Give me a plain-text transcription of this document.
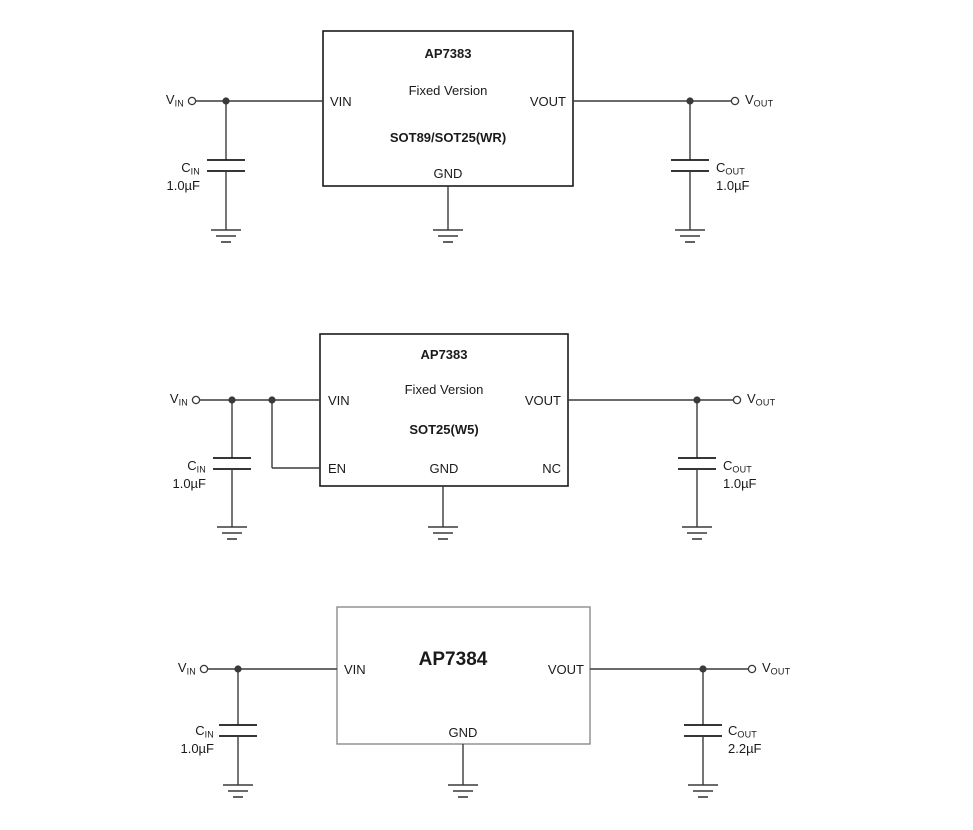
AP7383
Fixed Version
SOT89/SOT25(WR)
VIN	VOUT
GND
$V_{IN}$	$V_{OUT}$
$C_{IN}$
1.0µF
$C_{OUT}$
1.0µF
AP7383
Fixed Version
SOT25(W5)
VIN	VOUT
EN	GND	NC
$V_{IN}$	$V_{OUT}$
$C_{IN}$
1.0µF
$C_{OUT}$
1.0µF
AP7384
VIN	VOUT
GND
$V_{IN}$	$V_{OUT}$
$C_{IN}$
1.0µF
$C_{OUT}$
2.2µF
